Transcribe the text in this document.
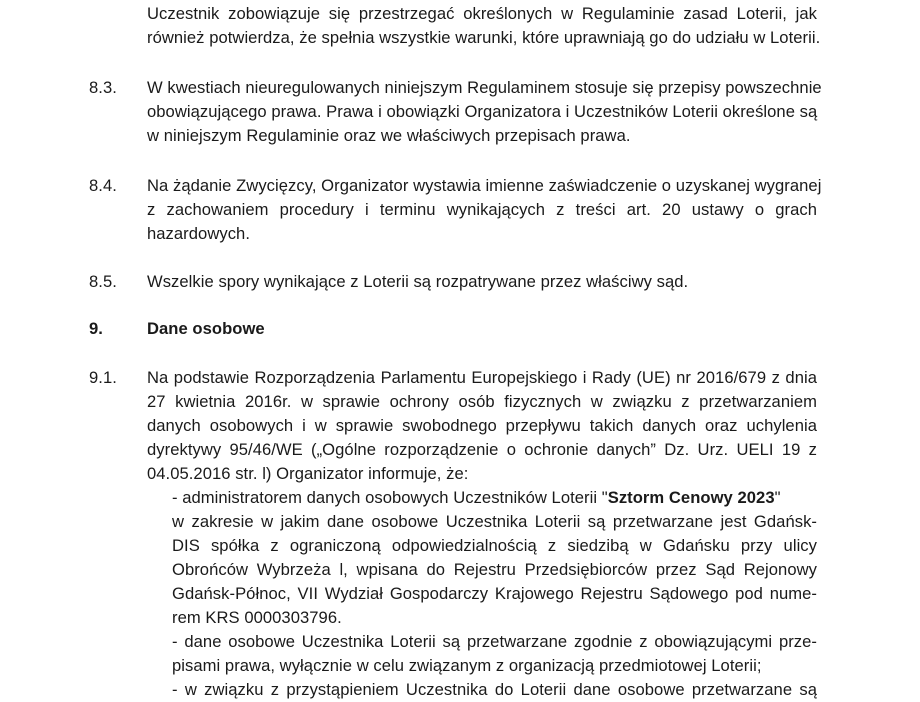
Uczestnik zobowiązuje się przestrzegać określonych w Regulaminie zasad Loterii, jak
również potwierdza, że spełnia wszystkie warunki, które uprawniają go do udziału w Loterii.
8.3. W kwestiach nieuregulowanych niniejszym Regulaminem stosuje się przepisy powszechnie
obowiązującego prawa. Prawa i obowiązki Organizatora i Uczestników Loterii określone są
w niniejszym Regulaminie oraz we właściwych przepisach prawa.
8.4. Na żądanie Zwycięzcy, Organizator wystawia imienne zaświadczenie o uzyskanej wygranej
z zachowaniem procedury i terminu wynikających z treści art. 20 ustawy o grach
hazardowych.
8.5. Wszelkie spory wynikające z Loterii są rozpatrywane przez właściwy sąd.
9.	Dane osobowe
9.1. Na podstawie Rozporządzenia Parlamentu Europejskiego i Rady (UE) nr 2016/679 z dnia
27 kwietnia 2016r. w sprawie ochrony osób fizycznych w związku z przetwarzaniem
danych osobowych i w sprawie swobodnego przepływu takich danych oraz uchylenia
dyrektywy 95/46/WE („Ogólne rozporządzenie o ochronie danych” Dz. Urz. UELI 19 z
04.05.2016 str. l) Organizator informuje, że:
- administratorem danych osobowych Uczestników Loterii "Sztorm Cenowy 2023"
w zakresie w jakim dane osobowe Uczestnika Loterii są przetwarzane jest Gdańsk-
DIS spółka z ograniczoną odpowiedzialnością z siedzibą w Gdańsku przy ulicy
Obrońców Wybrzeża l, wpisana do Rejestru Przedsiębiorców przez Sąd Rejonowy
Gdańsk-Północ, VII Wydział Gospodarczy Krajowego Rejestru Sądowego pod nume-
rem KRS 0000303796.
- dane osobowe Uczestnika Loterii są przetwarzane zgodnie z obowiązującymi prze-
pisami prawa, wyłącznie w celu związanym z organizacją przedmiotowej Loterii;
- w związku z przystąpieniem Uczestnika do Loterii dane osobowe przetwarzane są
